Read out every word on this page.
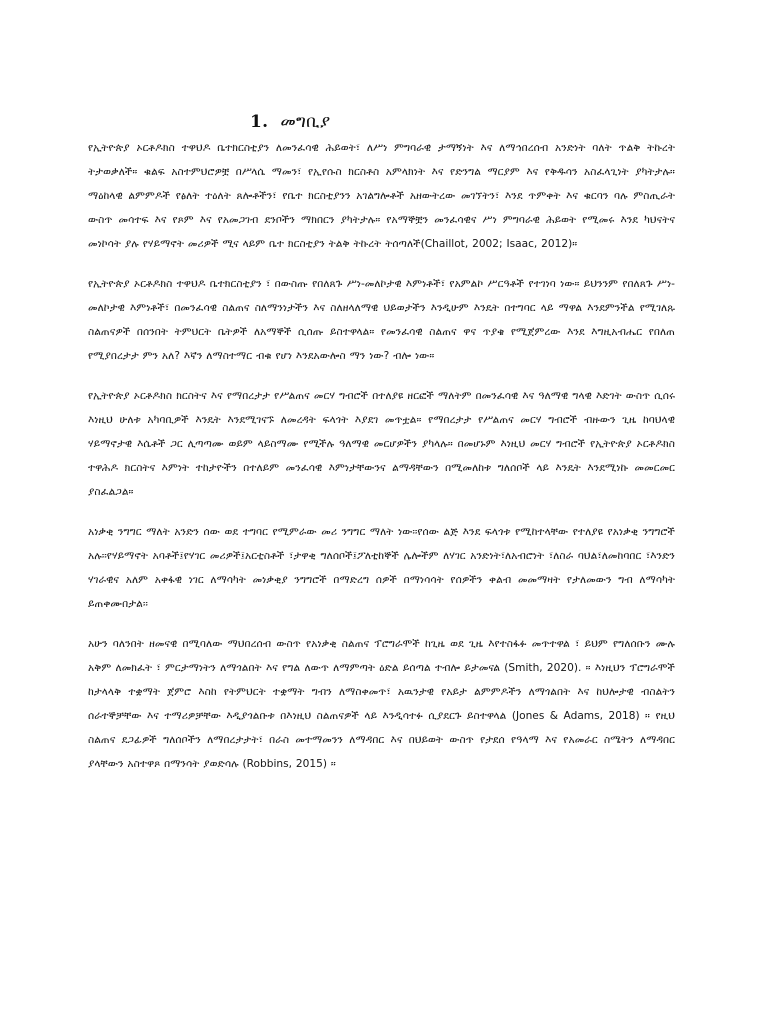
1. መግቢያ

የኢትዮጵያ ኦርቶዶክስ ተዋህዶ ቤተክርስቲያን ለመንፈሳዊ ሕይወት፣ ለሥነ ምግባራዊ ታማኝነት እና ለማኅበረሰብ አንድነት ባለት ጥልቅ ትኩረት ትታወቃለች። ቁልፍ አስተምህሮዎቿ በሥላሴ ማመን፣ የኢየሱስ ክርስቶስ አምላክነት እና የድንግል ማርያም እና የቅዱሳን አስፈላጊነት ያካትታሉ። ማዕከላዊ ልምምዶች የፅለት ተዕለት ጸሎቶችን፣ የቤተ ክርስቲያንን አገልግሎቶች አዘውትረው መገኘትን፣ እንደ ጥምቀት እና ቁርባን ባሉ ምስጢራት ውስጥ መሳተፍ እና የጾም እና የአመጋገብ ደንቦችን ማክበርን ያካትታሉ። የአማኞቿን መንፈሳዊና ሥነ ምግባራዊ ሕይወት የሚመሩ እንደ ካህናትና መነኮሳት ያሉ የሃይማኖት መሪዎች ሚና ላይም ቤተ ክርስቲያን ትልቅ ትኩረት ትሰጣለች(Chaillot, 2002; Isaac, 2012)።

የኢትዮጵያ ኦርቶዶክስ ተዋህዶ ቤተክርስቲያን ፣ በውስጡ የበለጸጉ ሥነ-መለኮታዊ እምነቶች፣ የአምልኮ ሥርዓቶች የተገነባ ነው። ይህንንም የበለጸጉ ሥነ-መለኮታዊ እምነቶች፣ በመንፈሳዊ ስልጠና ስለማንነታችን እና ስለዘላለማዊ ህይወታችን እንዲሁም እንዴት በተግባር ላይ ማዋል እንደምንችል የሚገለጹ ስልጠናዎች በሰንበት ትምህርት ቤትዎች ለአማኞች ሲሰጡ ይስተዋላል። የመንፈሳዊ ስልጠና ዋና ጥያቄ የሚጀምረው እንደ እግዚአብሔር የበለጠ የሚያበረታታ ምን አለ? እኛን ለማስተማር ብቁ የሆነ እንደአውሎስ ማን ነው? ብሎ ነው።

የኢትዮጵያ ኦርቶዶክስ ክርስትና እና የማበረታታ የሥልጠና መርሃ ግብሮች በተለያዩ ዘርፎች ማለትም በመንፈሳዊ እና ዓለማዊ ግላዊ እድገት ውስጥ ሲሰሩ እነዚህ ሁለቱ አካባቢዎች እንዴት እንደሚገናኙ ለመረዳት ፍላጎት እያደገ መጥቷል። የማበረታታ የሥልጠና መርሃ ግብሮች ብዙውን ጊዜ ከባህላዊ ሃይማኖታዊ እሴቶች ጋር ሊጣጣሙ ወይም ላይስማሙ የሚችሉ ዓለማዊ መርሆዎችን ያካላሉ። በመሆኑም እነዚህ መርሃ ግብሮች የኢትዮጵያ ኦርቶዶክስ ተዋሕዶ ክርስትና እምነት ተከታዮችን በተለይም መንፈሳዊ እምነታቸውንና ልማዳቸውን በሚመለከቱ ግለሰቦች ላይ እንዴት እንደሚነኩ መመርመር ያስፈልጋል።

አነቃቂ ንግግር ማለት አንድን ሰው ወደ ተግባር የሚምራው መሪ ንግግር ማለት ነው፡፡የሰው ልጅ እንደ ፍላጎቱ የሚከተላቸው የተለያዩ የአነቃቂ ንግግሮች አሉ፡፡የሃይማኖት አባቶች፤የሃገር መሪዎች፤አርቲስቶች ፣ታዋቂ ግለሰቦች፤ፖለቲከኞች ሌሎችም ለሃገር አንድነት፣ለአብሮነት ፣ለስራ ባህል፣ለመከባበር ፣እንድን ሃገራዊና አለም አቀፋዊ ነገር ለማሳካት መነቃቂያ ንግግሮች በማድረግ ሰዎች በማነሳሳት የሰዎችን ቀልብ መመማዛት የታለመውን ግብ ለማሳካት ይጠቀሙበታል፡፡

አሁን ባለንበት ዘመናዊ በሚባለው ማህበረሰብ ውስጥ የአነቃቂ ስልጠና ፕሮግራሞች ከጊዜ ወደ ጊዜ እየተስፋፉ መጥተዋል ፣ ይህም የግለሰቡን ሙሉ አቅም ለመክፈት ፣ ምርታማነትን ለማጎልበት እና የግል ለውጥ ለማምጣት ዕድል ይሰጣል ተብሎ ይታመናል (Smith, 2020). ። እነዚህን ፕሮግራሞች ከታላላቅ ተቋማት ጀምሮ እስከ የትምህርት ተቋማት ግብን ለማስቀመጥ፣ አዉንታዊ የአይታ ልምምዶችን ለማጎልበት እና ከህሎታዊ ብስልትን ሰራተኞቻቸው እና ተማሪዎቻቸው እዲያጎልቡቱ በእነዚህ ስልጠናዎች ላይ እንዲሳተፉ ሲያደርጉ ይስተዋላል (Jones & Adams, 2018) ። የዚህ ስልጠና ደጋፊዎች ግለሰቦችን ለማበረታታት፣ በራስ መተማመንን ለማዳበር እና በህይወት ውስጥ የታደሰ የዓላማ እና የአመራር ስሜትን ለማዳበር ያላቸውን አስተዋጾ በማንሳት ያወድሳሉ (Robbins, 2015) ።
